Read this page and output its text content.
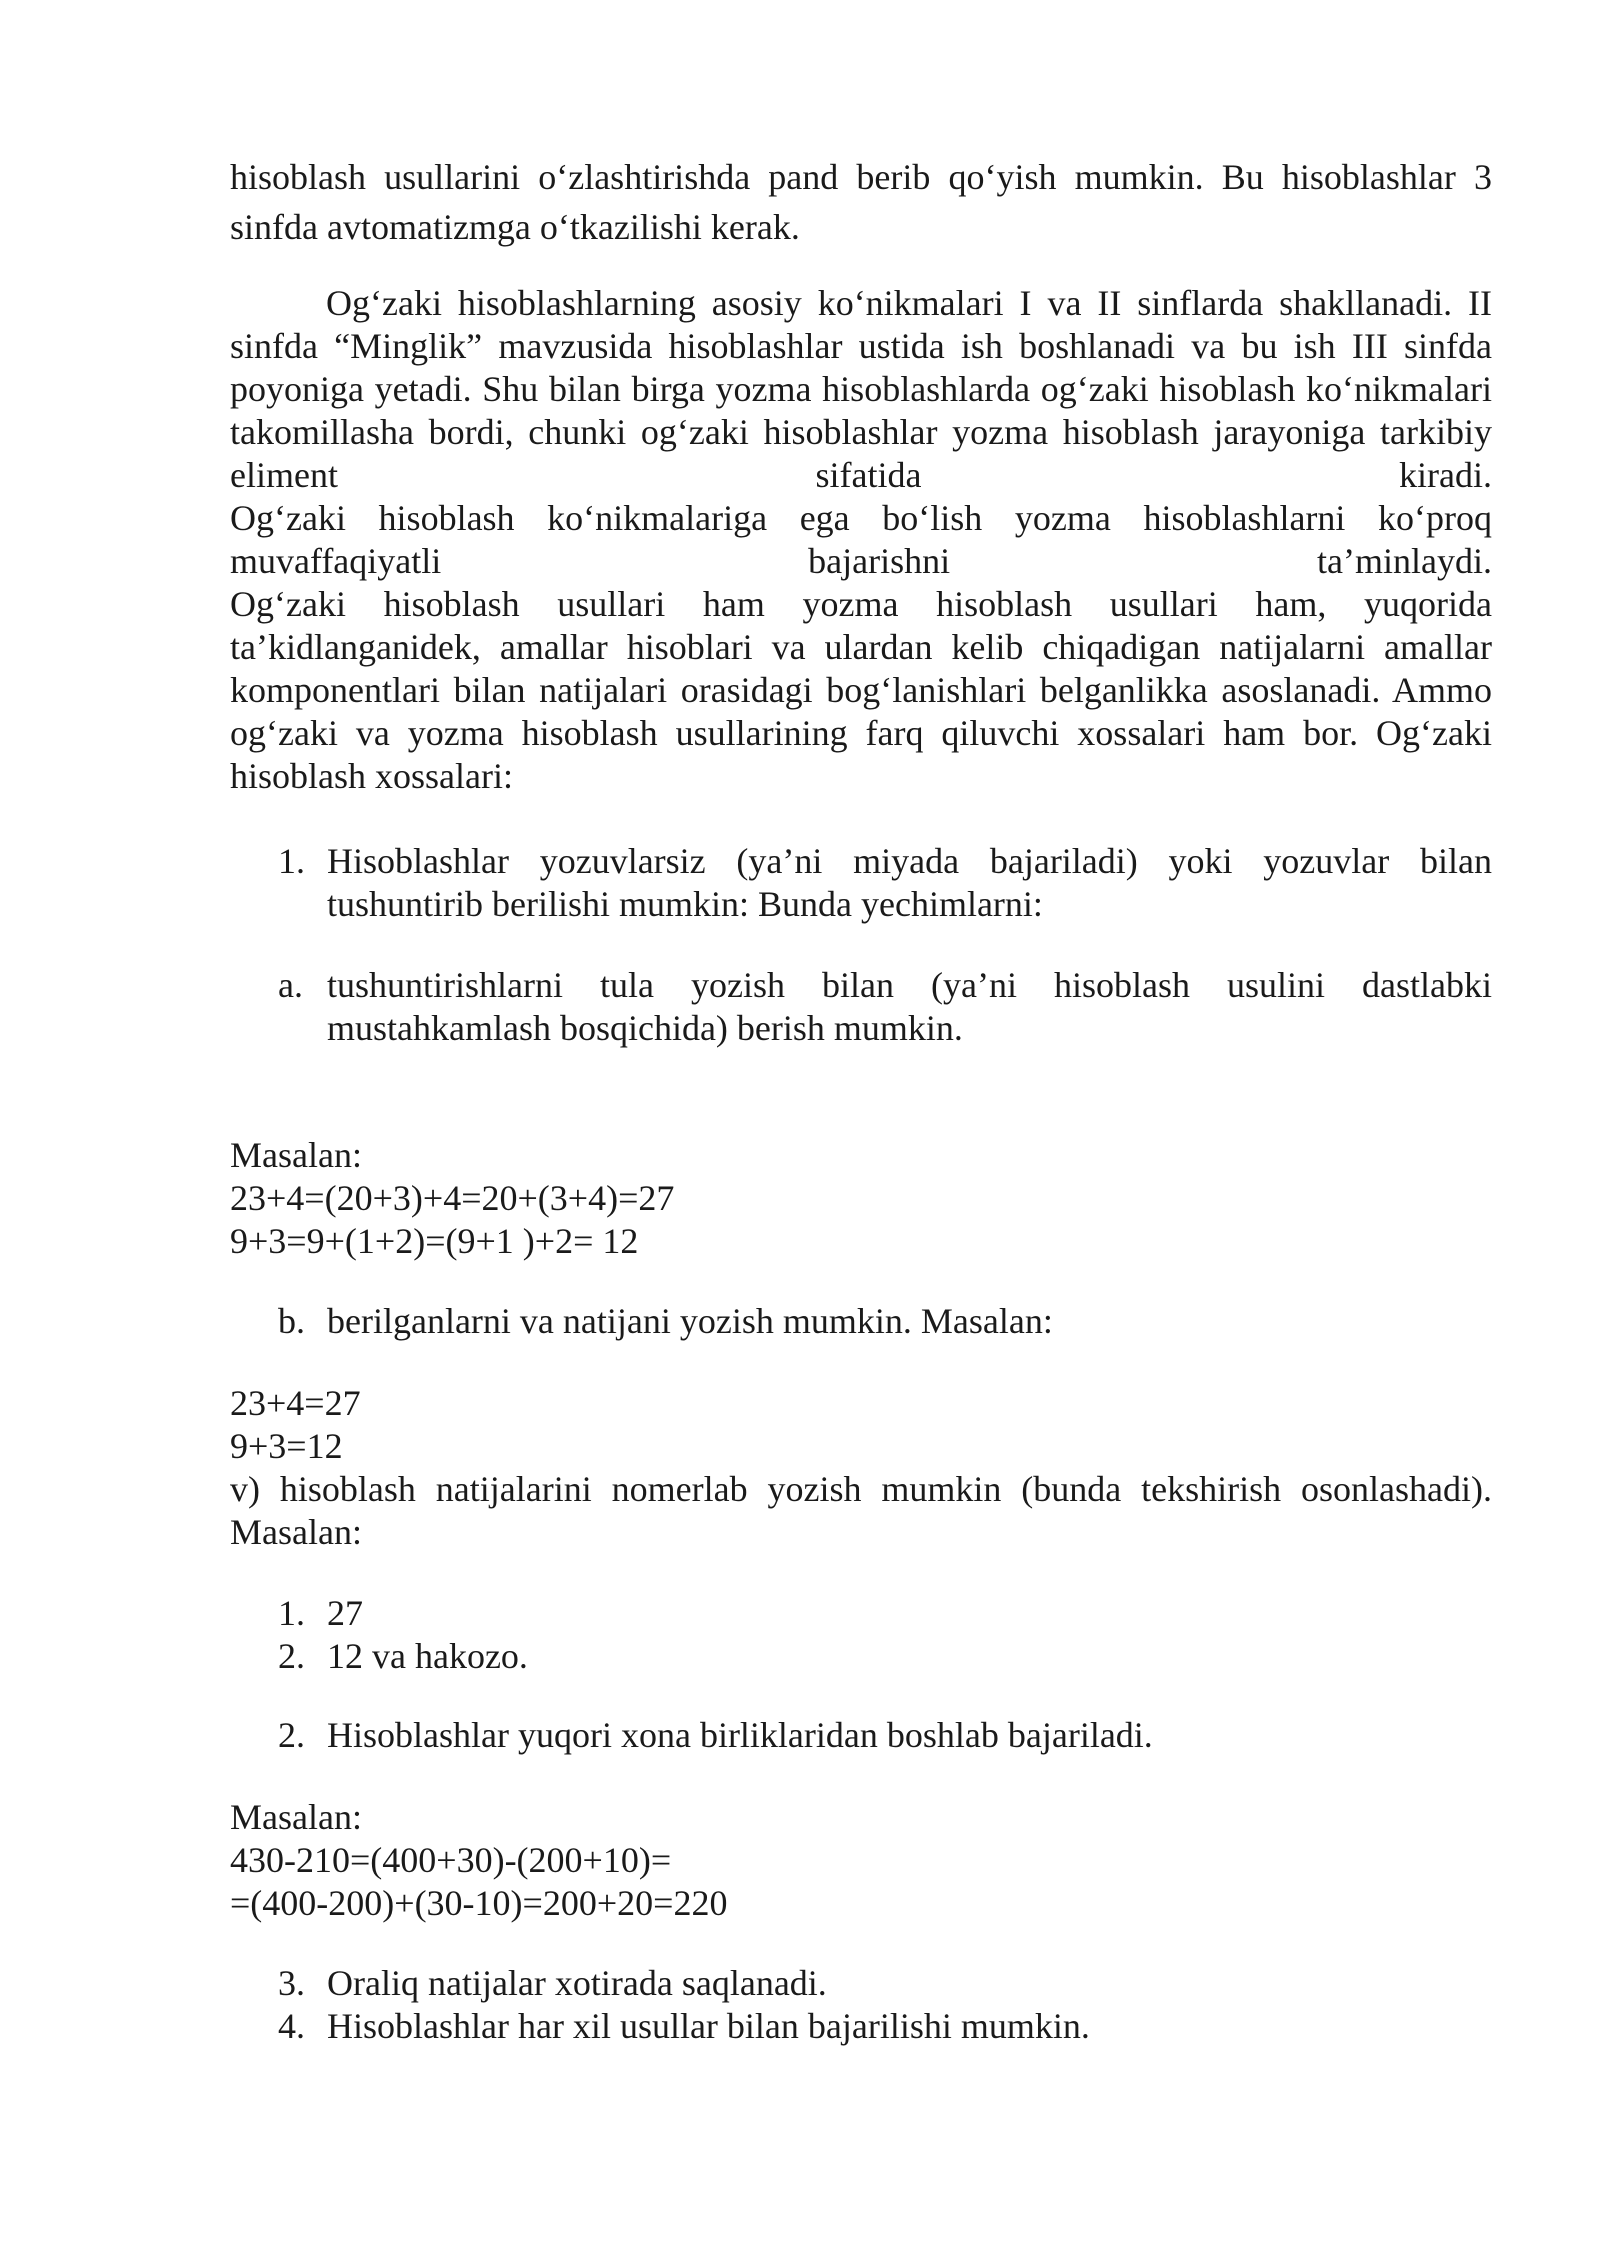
hisoblash usullarini o‘zlashtirishda pand berib qo‘yish mumkin. Bu hisoblashlar 3 sinfda avtomatizmga o‘tkazilishi kerak.

Og‘zaki hisoblashlarning asosiy ko‘nikmalari I va II sinflarda shakllanadi. II sinfda “Minglik” mavzusida hisoblashlar ustida ish boshlanadi va bu ish III sinfda poyoniga yetadi. Shu bilan birga yozma hisoblashlarda og‘zaki hisoblash ko‘nikmalari takomillasha bordi, chunki og‘zaki hisoblashlar yozma hisoblash jarayoniga tarkibiy eliment sifatida kiradi.

Og‘zaki hisoblash ko‘nikmalariga ega bo‘lish yozma hisoblashlarni ko‘proq muvaffaqiyatli bajarishni ta’minlaydi.

Og‘zaki hisoblash usullari ham yozma hisoblash usullari ham, yuqorida ta’kidlanganidek, amallar hisoblari va ulardan kelib chiqadigan natijalarni amallar komponentlari bilan natijalari orasidagi bog‘lanishlari belganlikka asoslanadi. Ammo og‘zaki va yozma hisoblash usullarining farq qiluvchi xossalari ham bor. Og‘zaki hisoblash xossalari:

1. Hisoblashlar yozuvlarsiz (ya’ni miyada bajariladi) yoki yozuvlar bilan tushuntirib berilishi mumkin: Bunda yechimlarni:
a. tushuntirishlarni tula yozish bilan (ya’ni hisoblash usulini dastlabki mustahkamlash bosqichida) berish mumkin.

Masalan:

23+4=(20+3)+4=20+(3+4)=27

9+3=9+(1+2)=(9+1 )+2= 12

b. berilganlarni va natijani yozish mumkin. Masalan:

23+4=27

9+3=12

v) hisoblash natijalarini nomerlab yozish mumkin (bunda tekshirish osonlashadi).

Masalan:

1. 27
2. 12 va hakozo.
2. Hisoblashlar yuqori xona birliklaridan boshlab bajariladi.

Masalan:

430-210=(400+30)-(200+10)=

=(400-200)+(30-10)=200+20=220

3. Oraliq natijalar xotirada saqlanadi.
4. Hisoblashlar har xil usullar bilan bajarilishi mumkin.
